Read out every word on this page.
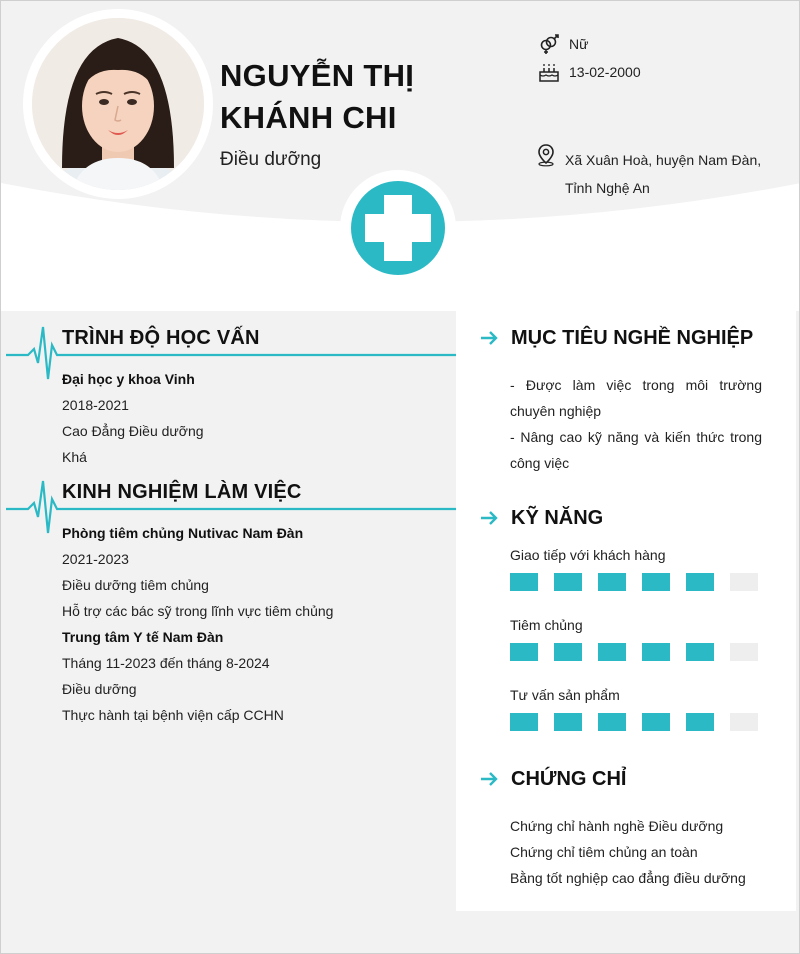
NGUYỄN THỊ
KHÁNH CHI
Điều dưỡng
Nữ
13-02-2000
Xã Xuân Hoà, huyện Nam Đàn,
Tỉnh Nghệ An
TRÌNH ĐỘ HỌC VẤN
Đại học y khoa Vinh
2018-2021
Cao Đẳng Điều dưỡng
Khá
KINH NGHIỆM LÀM VIỆC
Phòng tiêm chủng Nutivac Nam Đàn
2021-2023
Điều dưỡng tiêm chủng
Hỗ trợ các bác sỹ trong lĩnh vực tiêm chủng
Trung tâm Y tế Nam Đàn
Tháng 11-2023 đến tháng 8-2024
Điều dưỡng
Thực hành tại bệnh viện cấp CCHN
MỤC TIÊU NGHỀ NGHIỆP
- Được làm việc trong môi trường chuyên nghiệp
- Nâng cao kỹ năng và kiến thức trong công việc
KỸ NĂNG
Giao tiếp với khách hàng
Tiêm chủng
Tư vấn sản phẩm
CHỨNG CHỈ
Chứng chỉ hành nghề Điều dưỡng
Chứng chỉ tiêm chủng an toàn
Bằng tốt nghiệp cao đẳng điều dưỡng
